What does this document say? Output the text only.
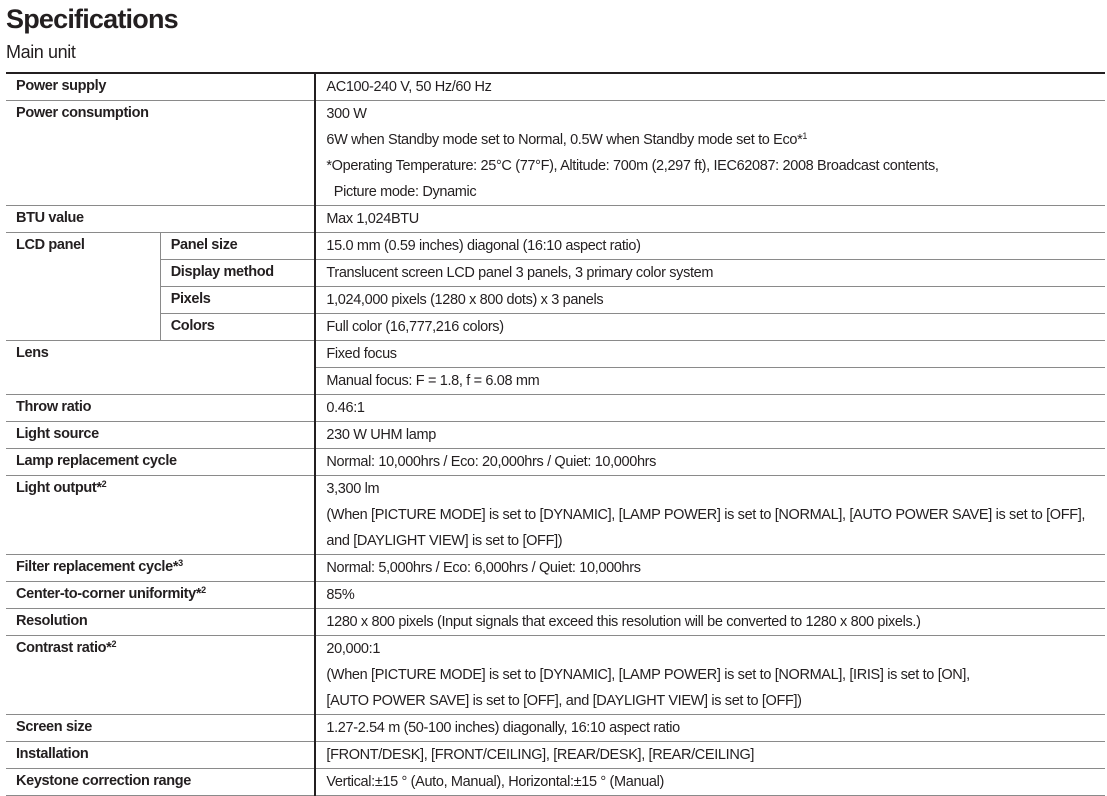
Specifications
Main unit
Power supply		AC100-240 V, 50 Hz/60 Hz

Power consumption		300 W
6W when Standby mode set to Normal, 0.5W when Standby mode set to Eco*$^1$
*Operating Temperature: 25°C (77°F), Altitude: 700m (2,297 ft), IEC62087: 2008 Broadcast contents,
Picture mode: Dynamic

BTU value		Max 1,024BTU

LCD panel	Panel size	15.0 mm (0.59 inches) diagonal (16:10 aspect ratio)

	Display method	Translucent screen LCD panel 3 panels, 3 primary color system

	Pixels	1,024,000 pixels (1280 x 800 dots) x 3 panels

	Colors	Full color (16,777,216 colors)

Lens		Fixed focus
Manual focus: F = 1.8, f = 6.08 mm

Throw ratio		0.46:1

Light source		230 W UHM lamp

Lamp replacement cycle		Normal: 10,000hrs / Eco: 20,000hrs / Quiet: 10,000hrs

Light output*$^2$		3,300 lm
(When [PICTURE MODE] is set to [DYNAMIC], [LAMP POWER] is set to [NORMAL], [AUTO POWER SAVE] is set to [OFF],
and [DAYLIGHT VIEW] is set to [OFF])

Filter replacement cycle*$^3$		Normal: 5,000hrs / Eco: 6,000hrs / Quiet: 10,000hrs

Center-to-corner uniformity*$^2$		85%

Resolution		1280 x 800 pixels (Input signals that exceed this resolution will be converted to 1280 x 800 pixels.)

Contrast ratio*$^2$		20,000:1
(When [PICTURE MODE] is set to [DYNAMIC], [LAMP POWER] is set to [NORMAL], [IRIS] is set to [ON],
[AUTO POWER SAVE] is set to [OFF], and [DAYLIGHT VIEW] is set to [OFF])

Screen size		1.27-2.54 m (50-100 inches) diagonally, 16:10 aspect ratio

Installation		[FRONT/DESK], [FRONT/CEILING], [REAR/DESK], [REAR/CEILING]

Keystone correction range		Vertical:±15 ° (Auto, Manual), Horizontal:±15 ° (Manual)
